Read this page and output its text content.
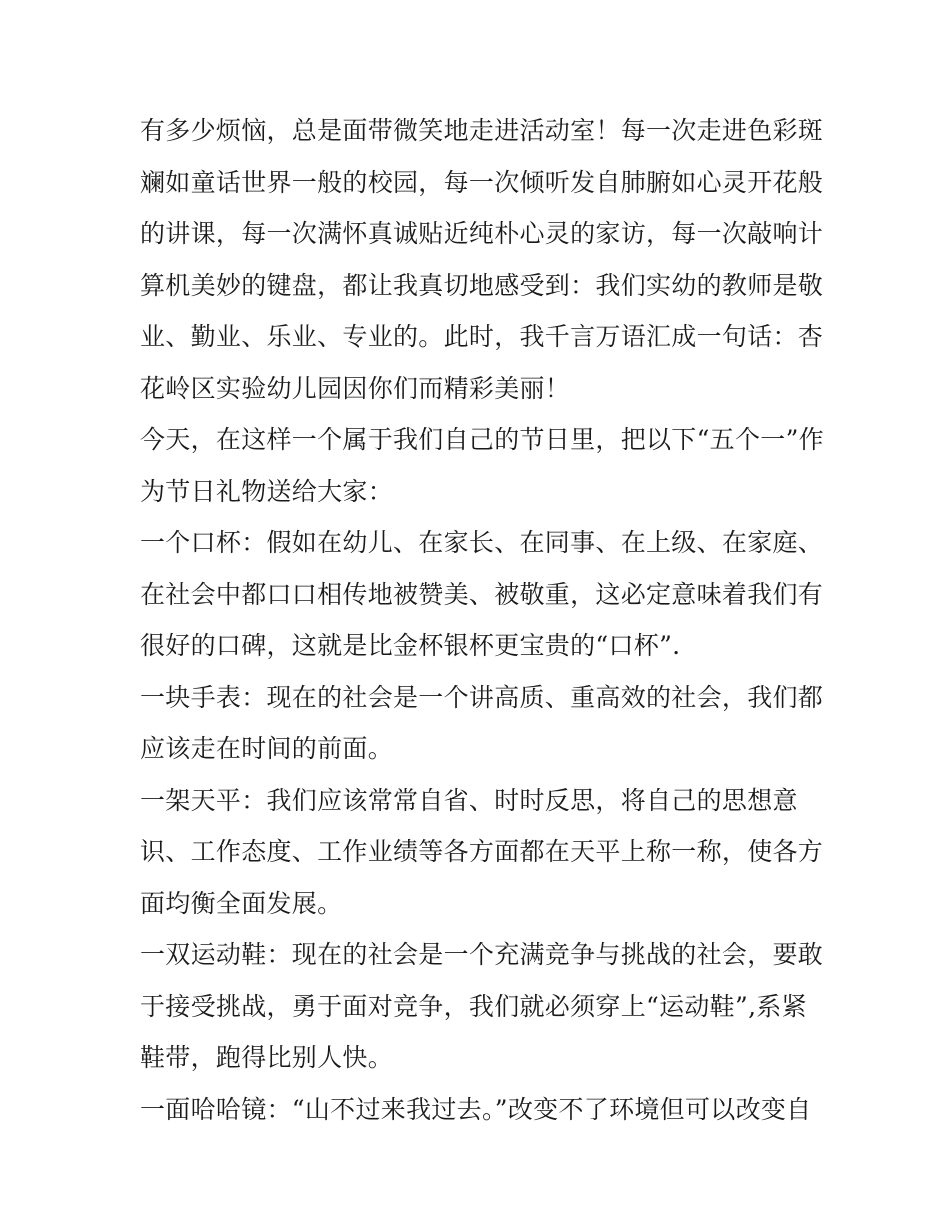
有多少烦恼，总是面带微笑地走进活动室！每一次走进色彩斑
斓如童话世界一般的校园，每一次倾听发自肺腑如心灵开花般
的讲课，每一次满怀真诚贴近纯朴心灵的家访，每一次敲响计
算机美妙的键盘，都让我真切地感受到：我们实幼的教师是敬
业、勤业、乐业、专业的。此时，我千言万语汇成一句话：杏
花岭区实验幼儿园因你们而精彩美丽！
今天，在这样一个属于我们自己的节日里，把以下“五个一”作
为节日礼物送给大家：
一个口杯：假如在幼儿、在家长、在同事、在上级、在家庭、
在社会中都口口相传地被赞美、被敬重，这必定意味着我们有
很好的口碑，这就是比金杯银杯更宝贵的“口杯”.
一块手表：现在的社会是一个讲高质、重高效的社会，我们都
应该走在时间的前面。
一架天平：我们应该常常自省、时时反思，将自己的思想意
识、工作态度、工作业绩等各方面都在天平上称一称，使各方
面均衡全面发展。
一双运动鞋：现在的社会是一个充满竞争与挑战的社会，要敢
于接受挑战，勇于面对竞争，我们就必须穿上“运动鞋”,系紧
鞋带，跑得比别人快。
一面哈哈镜：“山不过来我过去。”改变不了环境但可以改变自
